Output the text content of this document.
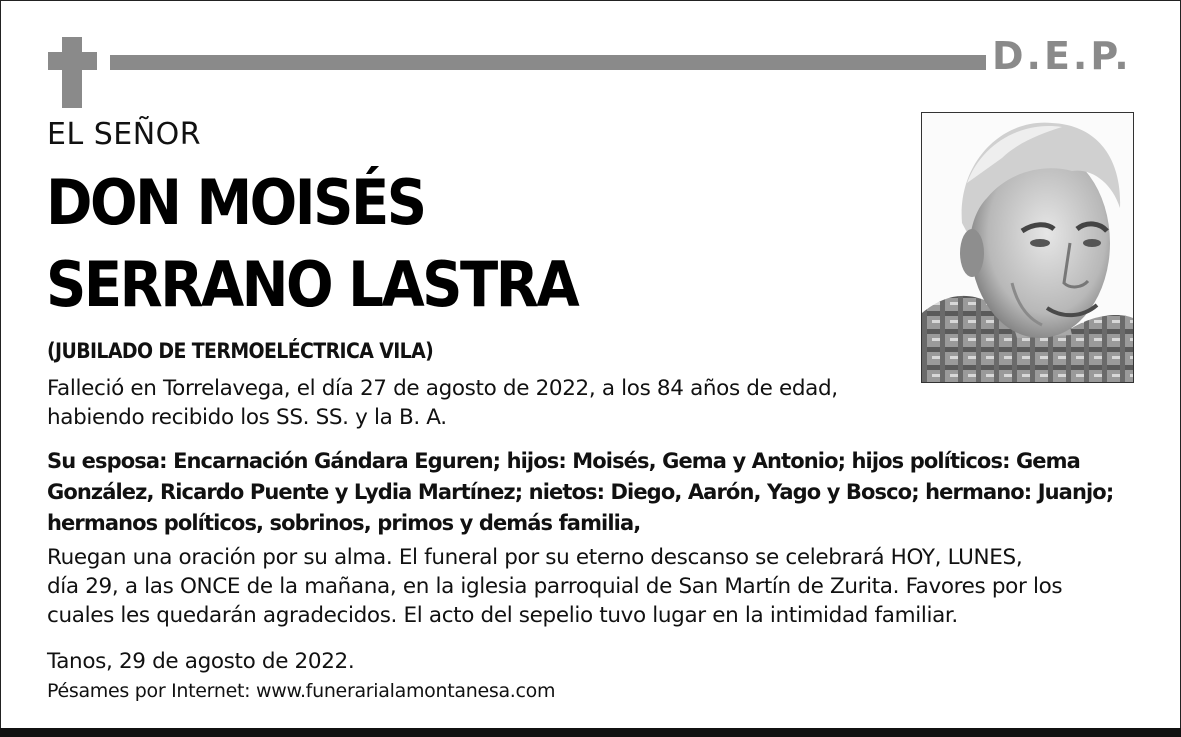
D.E.P.
EL SEÑOR
DON MOISÉS
SERRANO LASTRA
(JUBILADO DE TERMOELÉCTRICA VILA)
Falleció en Torrelavega, el día 27 de agosto de 2022, a los 84 años de edad,
habiendo recibido los SS. SS. y la B. A.
Su esposa: Encarnación Gándara Eguren; hijos: Moisés, Gema y Antonio; hijos políticos: Gema
González, Ricardo Puente y Lydia Martínez; nietos: Diego, Aarón, Yago y Bosco; hermano: Juanjo;
hermanos políticos, sobrinos, primos y demás familia,
Ruegan una oración por su alma. El funeral por su eterno descanso se celebrará HOY, LUNES,
día 29, a las ONCE de la mañana, en la iglesia parroquial de San Martín de Zurita. Favores por los
cuales les quedarán agradecidos. El acto del sepelio tuvo lugar en la intimidad familiar.
Tanos, 29 de agosto de 2022.
Pésames por Internet: www.funerarialamontanesa.com
